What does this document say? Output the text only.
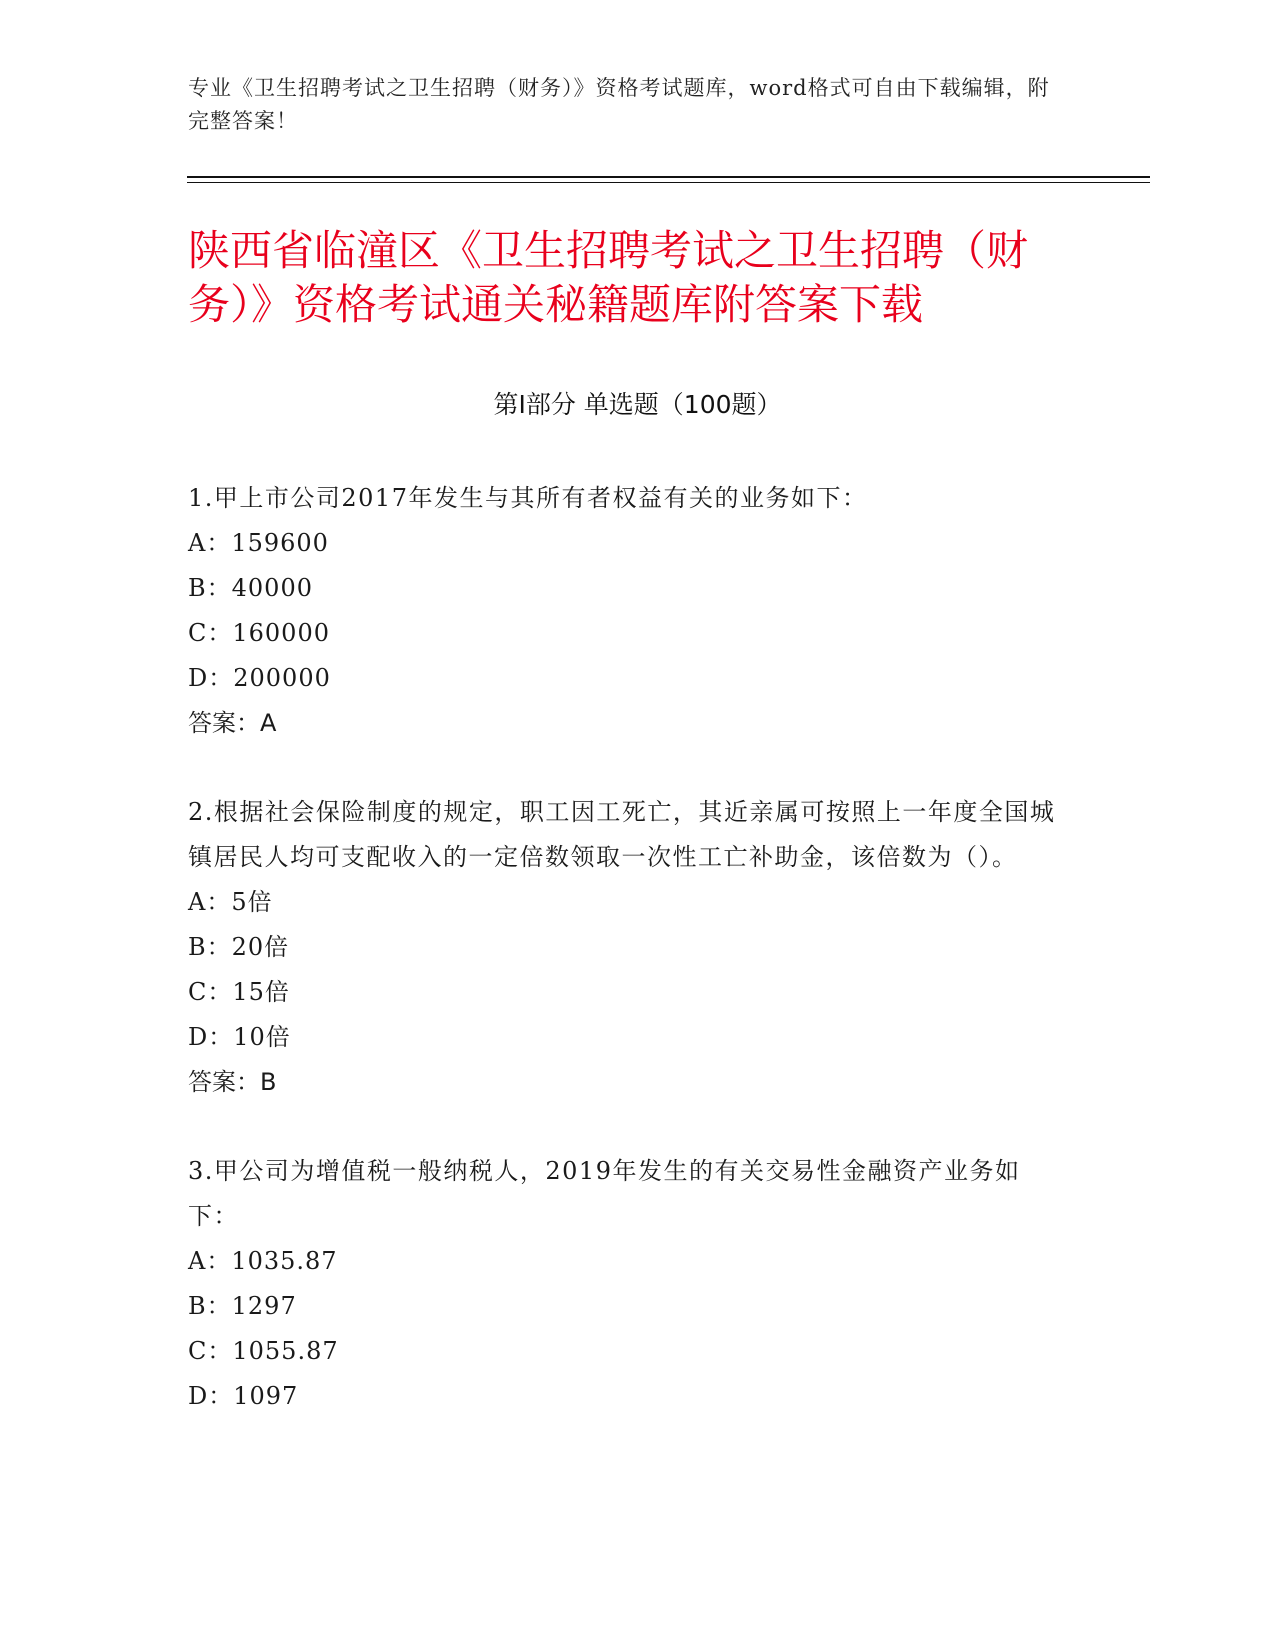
专业《卫生招聘考试之卫生招聘（财务）》资格考试题库，word格式可自由下载编辑，附完整答案！
陕西省临潼区《卫生招聘考试之卫生招聘（财务）》资格考试通关秘籍题库附答案下载
第Ⅰ部分 单选题（100题）
1.甲上市公司2017年发生与其所有者权益有关的业务如下：
A：159600
B：40000
C：160000
D：200000
答案：A
2.根据社会保险制度的规定，职工因工死亡，其近亲属可按照上一年度全国城镇居民人均可支配收入的一定倍数领取一次性工亡补助金，该倍数为（）。
A：5倍
B：20倍
C：15倍
D：10倍
答案：B
3.甲公司为增值税一般纳税人，2019年发生的有关交易性金融资产业务如下：
A：1035.87
B：1297
C：1055.87
D：1097
